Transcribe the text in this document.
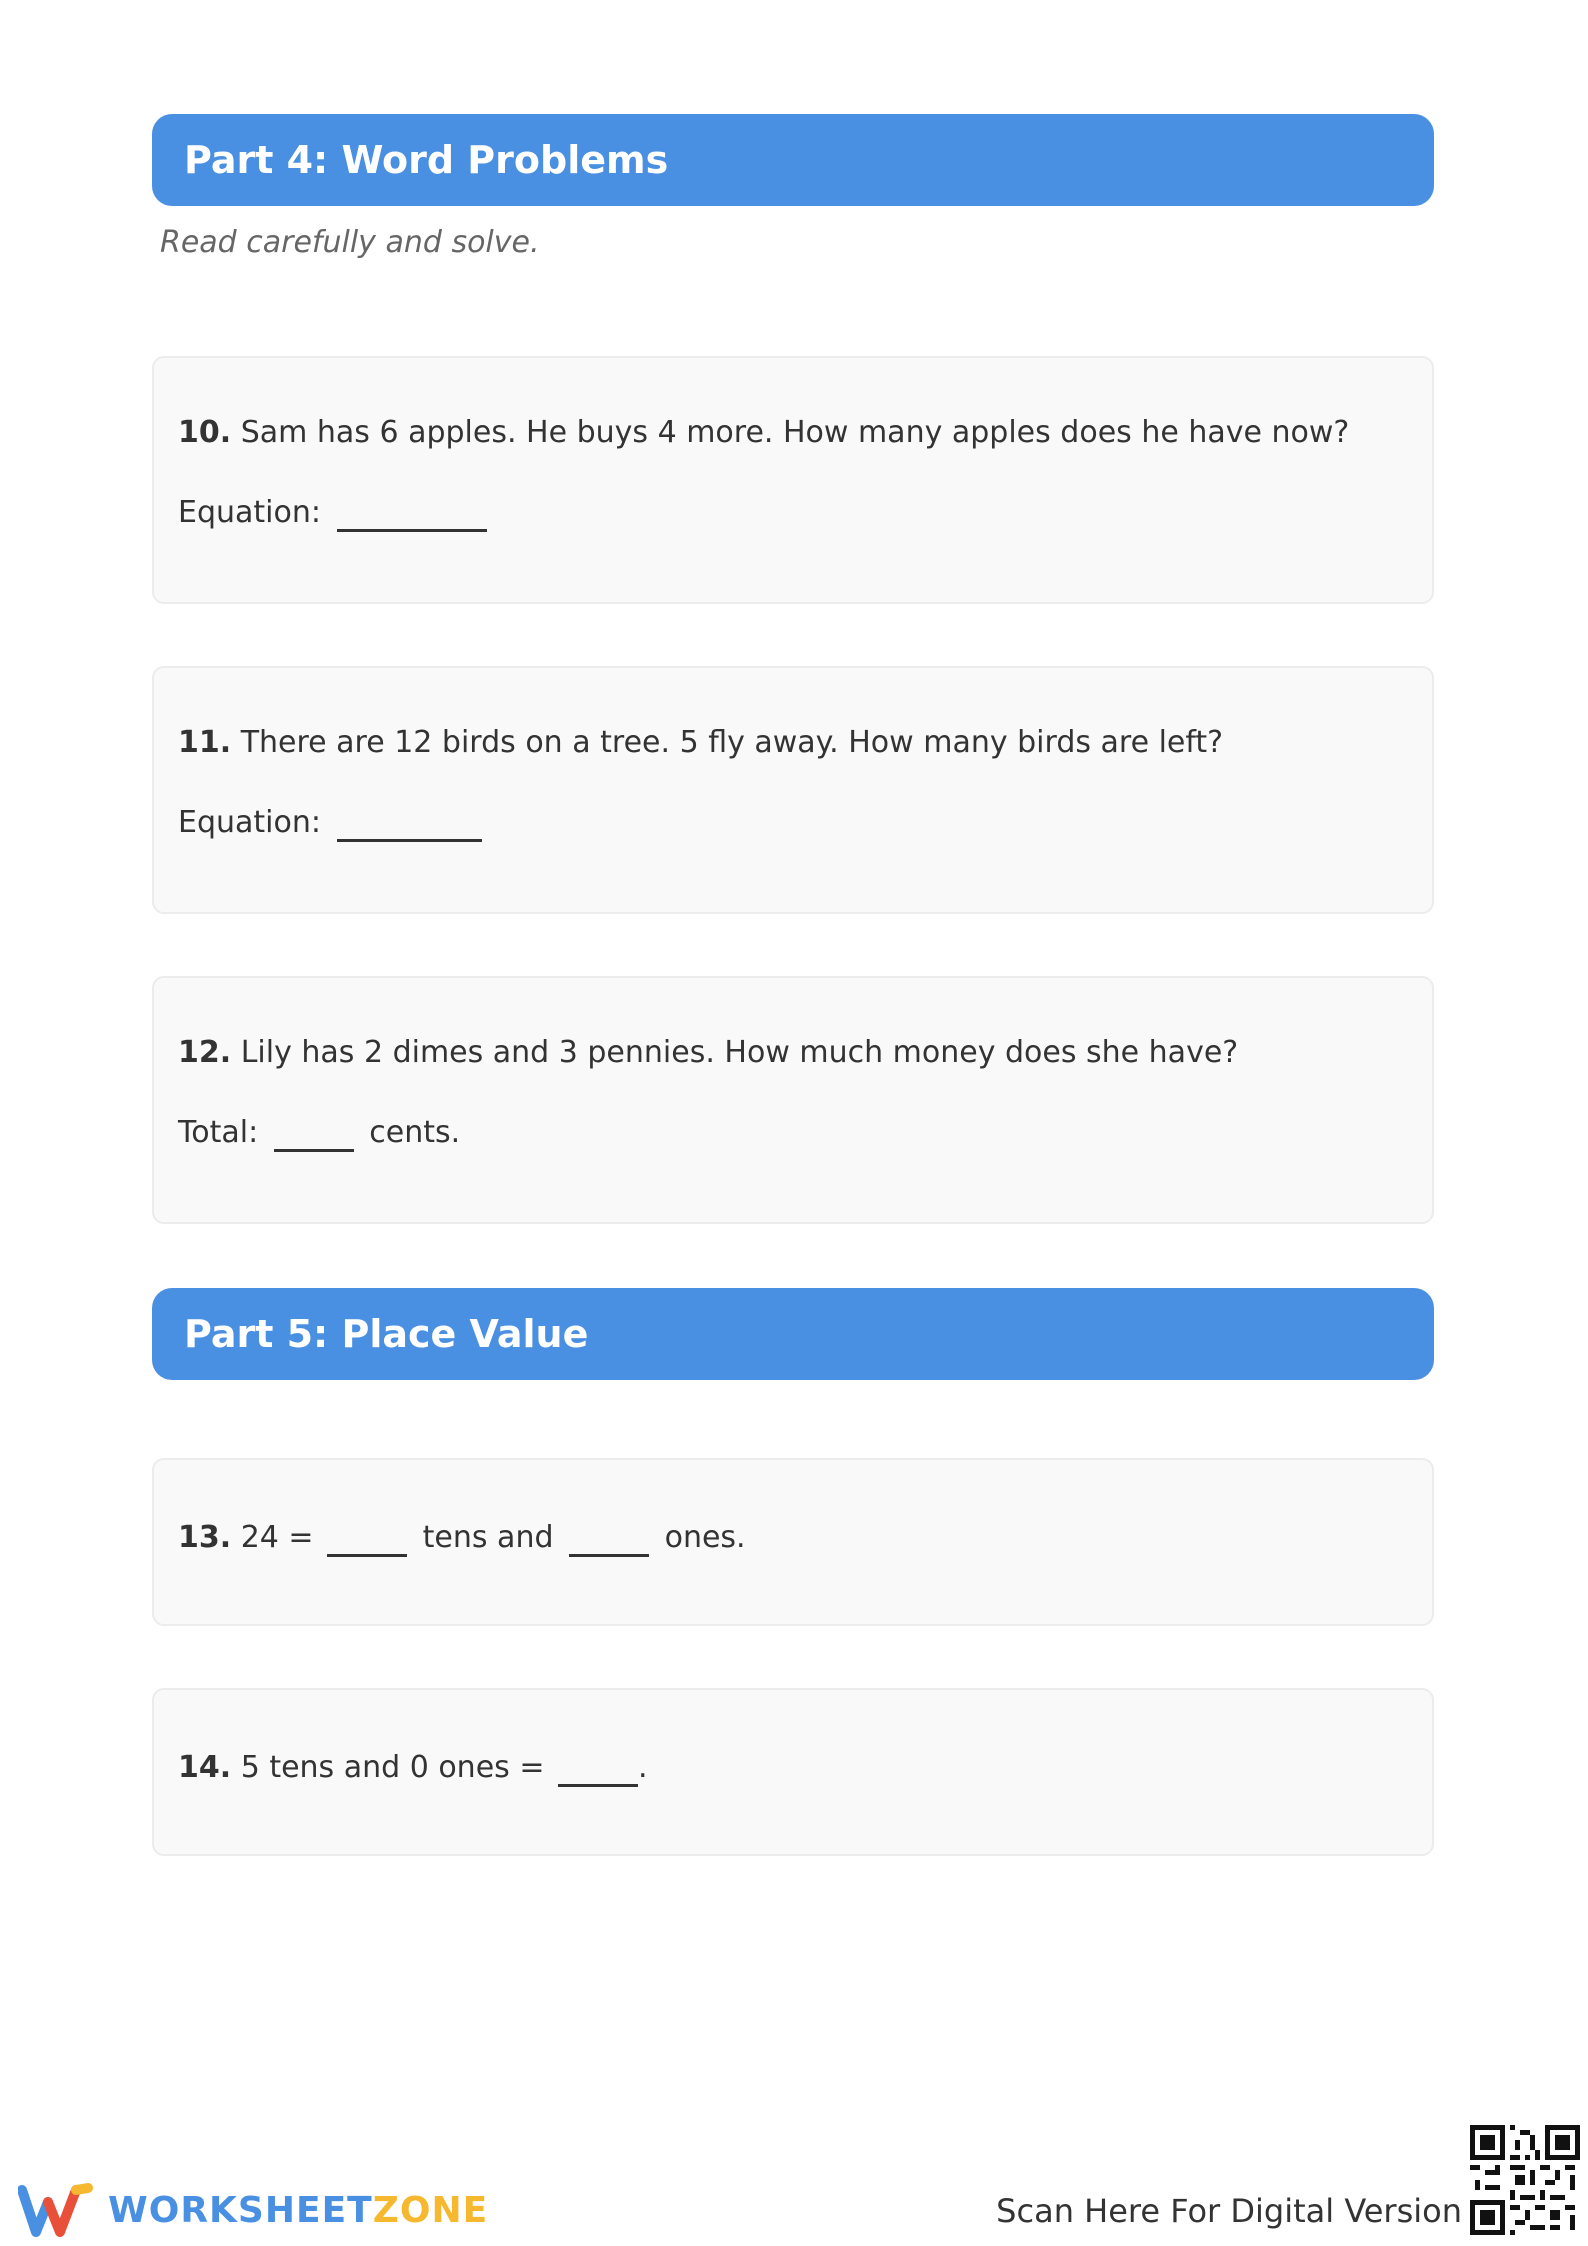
Part 4: Word Problems
Read carefully and solve.
10. Sam has 6 apples. He buys 4 more. How many apples does he have now?
Equation:
11. There are 12 birds on a tree. 5 fly away. How many birds are left?
Equation:
12. Lily has 2 dimes and 3 pennies. How much money does she have?
Total:	cents.
Part 5: Place Value
13. 24 =	tens and	ones.
14. 5 tens and 0 ones =	.
WORKSHEETZONE	Scan Here For Digital Version
